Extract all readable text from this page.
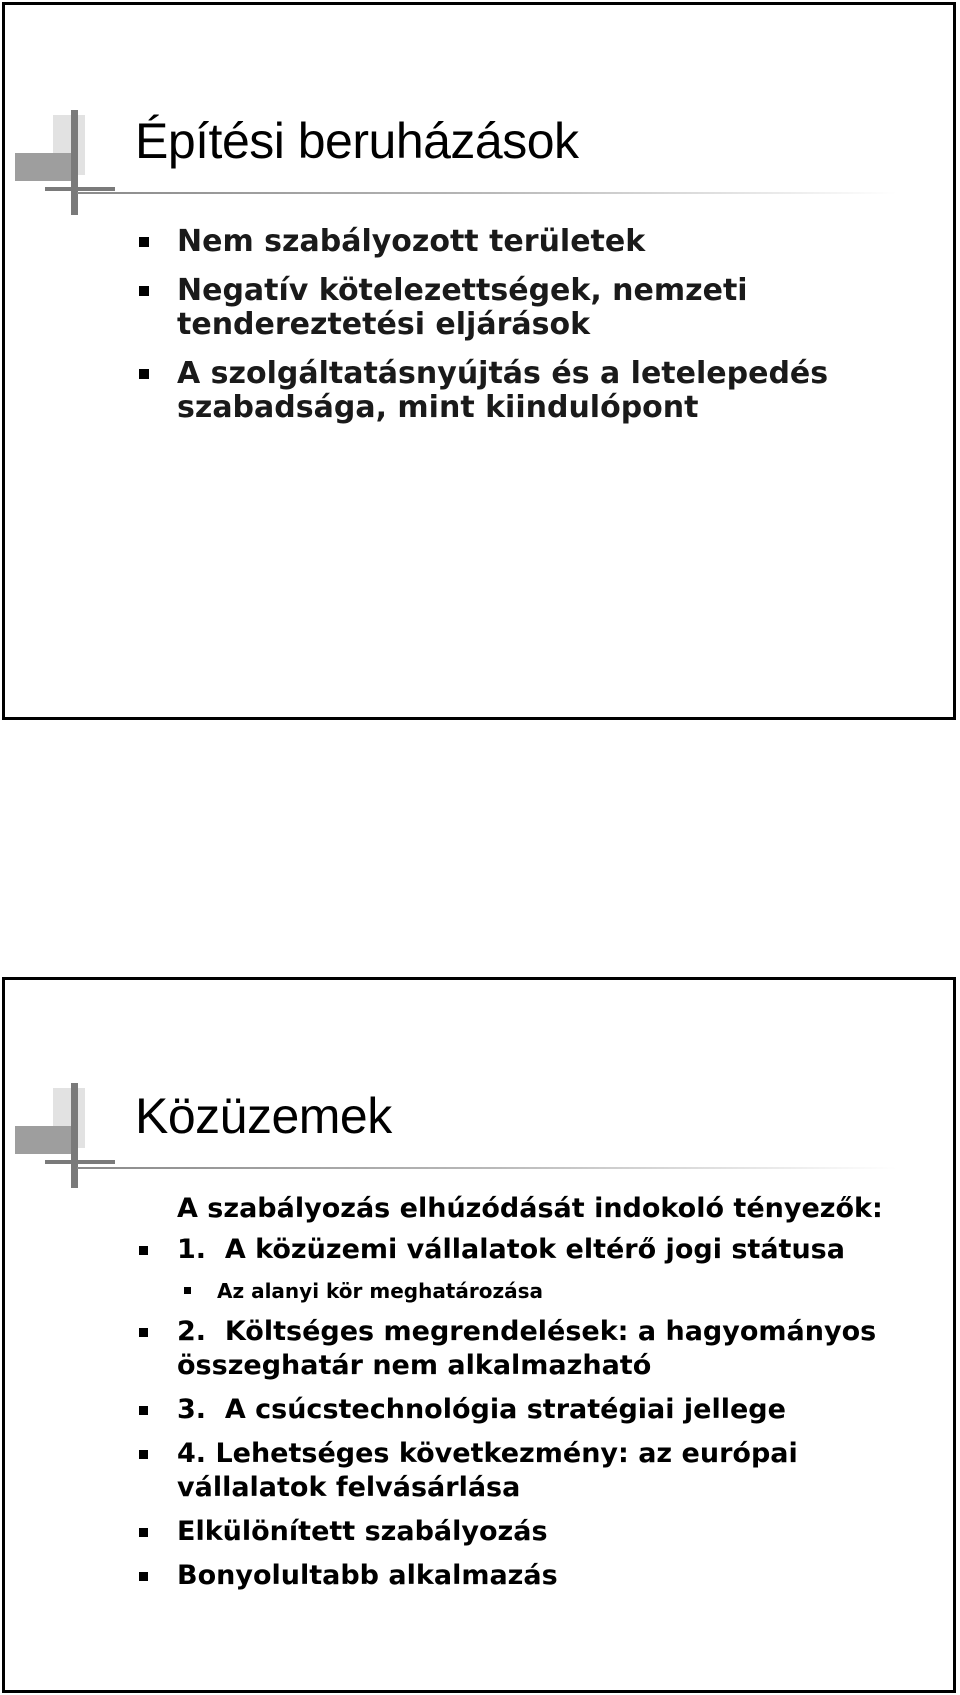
Építési beruházások
Nem szabályozott területek
Negatív kötelezettségek, nemzeti
tendereztetési eljárások
A szolgáltatásnyújtás és a letelepedés
szabadsága, mint kiindulópont
Közüzemek
A szabályozás elhúzódását indokoló tényezők:
1.  A közüzemi vállalatok eltérő jogi státusa
Az alanyi kör meghatározása
2.  Költséges megrendelések: a hagyományos
összeghatár nem alkalmazható
3.  A csúcstechnológia stratégiai jellege
4. Lehetséges következmény: az európai
vállalatok felvásárlása
Elkülönített szabályozás
Bonyolultabb alkalmazás
